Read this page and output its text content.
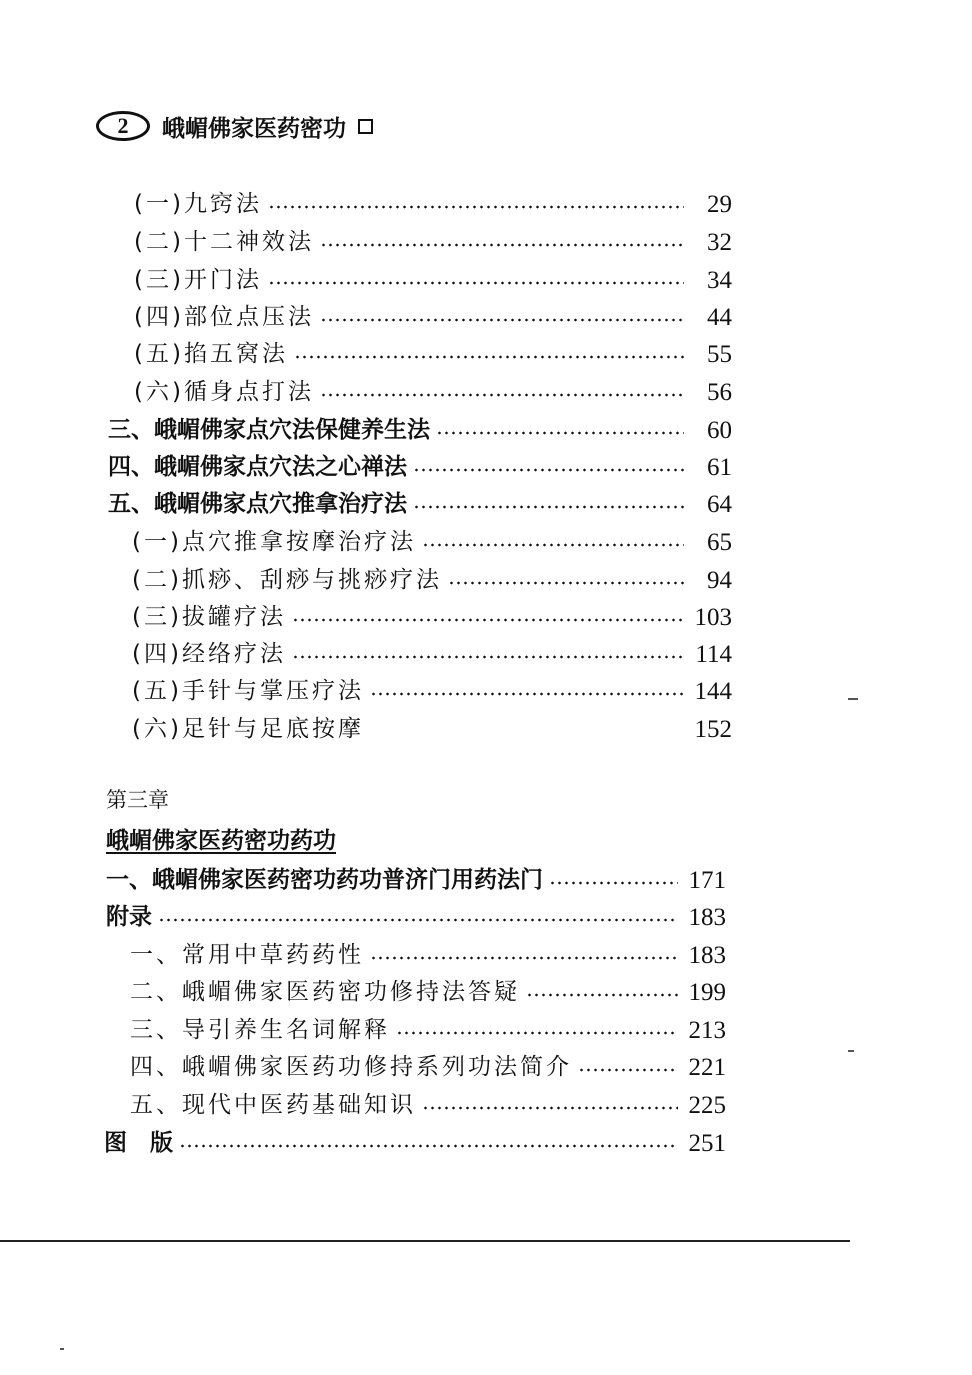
2	峨嵋佛家医药密功
(一)九窍法	29
(二)十二神效法	32
(三)开门法	34
(四)部位点压法	44
(五)掐五窝法	55
(六)循身点打法	56
三、峨嵋佛家点穴法保健养生法	60
四、峨嵋佛家点穴法之心禅法	61
五、峨嵋佛家点穴推拿治疗法	64
(一)点穴推拿按摩治疗法	65
(二)抓痧、刮痧与挑痧疗法	94
(三)拔罐疗法	103
(四)经络疗法	114
(五)手针与掌压疗法	144
(六)足针与足底按摩	152
第三章
峨嵋佛家医药密功药功
一、峨嵋佛家医药密功药功普济门用药法门	171
附录	183
一、常用中草药药性	183
二、峨嵋佛家医药密功修持法答疑	199
三、导引养生名词解释	213
四、峨嵋佛家医药功修持系列功法简介	221
五、现代中医药基础知识	225
图　版	251
